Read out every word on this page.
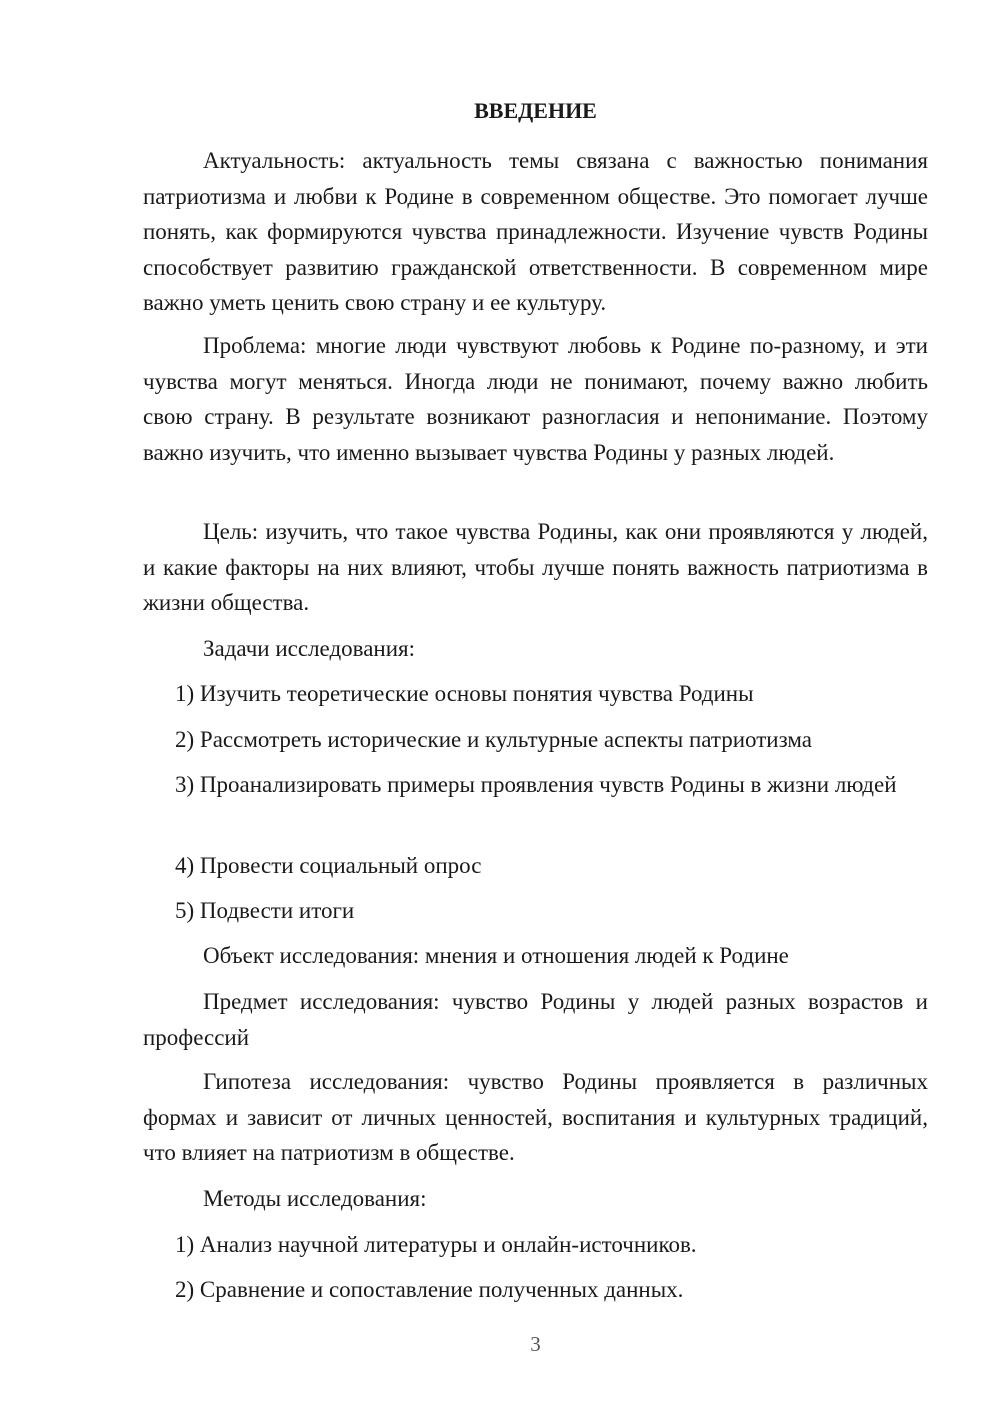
ВВЕДЕНИЕ

Актуальность: актуальность темы связана с важностью понимания патриотизма и любви к Родине в современном обществе. Это помогает лучше понять, как формируются чувства принадлежности. Изучение чувств Родины способствует развитию гражданской ответственности. В современном мире важно уметь ценить свою страну и ее культуру.

Проблема: многие люди чувствуют любовь к Родине по-разному, и эти чувства могут меняться. Иногда люди не понимают, почему важно любить свою страну. В результате возникают разногласия и непонимание. Поэтому важно изучить, что именно вызывает чувства Родины у разных людей.

Цель: изучить, что такое чувства Родины, как они проявляются у людей, и какие факторы на них влияют, чтобы лучше понять важность патриотизма в жизни общества.

Задачи исследования:

1) Изучить теоретические основы понятия чувства Родины

2) Рассмотреть исторические и культурные аспекты патриотизма

3) Проанализировать примеры проявления чувств Родины в жизни людей

4) Провести социальный опрос

5) Подвести итоги

Объект исследования: мнения и отношения людей к Родине

Предмет исследования: чувство Родины у людей разных возрастов и профессий

Гипотеза исследования: чувство Родины проявляется в различных формах и зависит от личных ценностей, воспитания и культурных традиций, что влияет на патриотизм в обществе.

Методы исследования:

1) Анализ научной литературы и онлайн-источников.

2) Сравнение и сопоставление полученных данных.

3
